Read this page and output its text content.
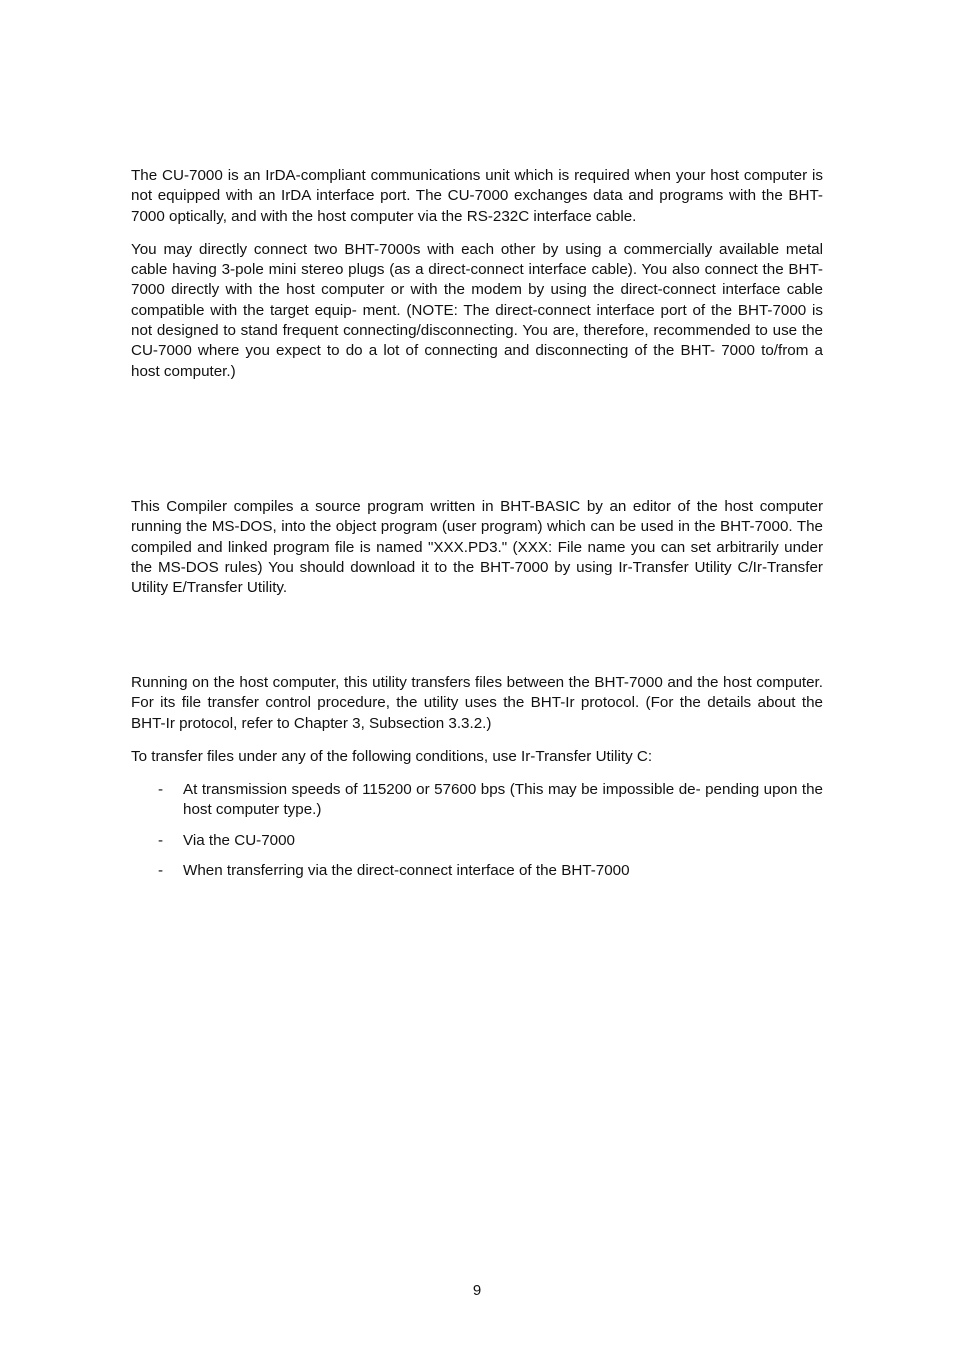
The CU-7000 is an IrDA-compliant communications unit which is required when your host computer is not equipped with an IrDA interface port. The CU-7000 exchanges data and programs with the BHT-7000 optically, and with the host computer via the RS-232C interface cable.

You may directly connect two BHT-7000s with each other by using a commercially available metal cable having 3-pole mini stereo plugs (as a direct-connect interface cable). You also connect the BHT-7000 directly with the host computer or with the modem by using the direct-connect interface cable compatible with the target equip- ment. (NOTE: The direct-connect interface port of the BHT-7000 is not designed to stand frequent connecting/disconnecting. You are, therefore, recommended to use the CU-7000 where you expect to do a lot of connecting and disconnecting of the BHT- 7000 to/from a host computer.)

This Compiler compiles a source program written in BHT-BASIC by an editor of the host computer running the MS-DOS, into the object program (user program) which can be used in the BHT-7000. The compiled and linked program file is named "XXX.PD3." (XXX: File name you can set arbitrarily under the MS-DOS rules) You should download it to the BHT-7000 by using Ir-Transfer Utility C/Ir-Transfer Utility E/Transfer Utility.

Running on the host computer, this utility transfers files between the BHT-7000 and the host computer. For its file transfer control procedure, the utility uses the BHT-Ir protocol. (For the details about the BHT-Ir protocol, refer to Chapter 3, Subsection 3.3.2.)

To transfer files under any of the following conditions, use Ir-Transfer Utility C:

- At transmission speeds of 115200 or 57600 bps (This may be impossible de- pending upon the host computer type.)
- Via the CU-7000
- When transferring via the direct-connect interface of the BHT-7000
9
